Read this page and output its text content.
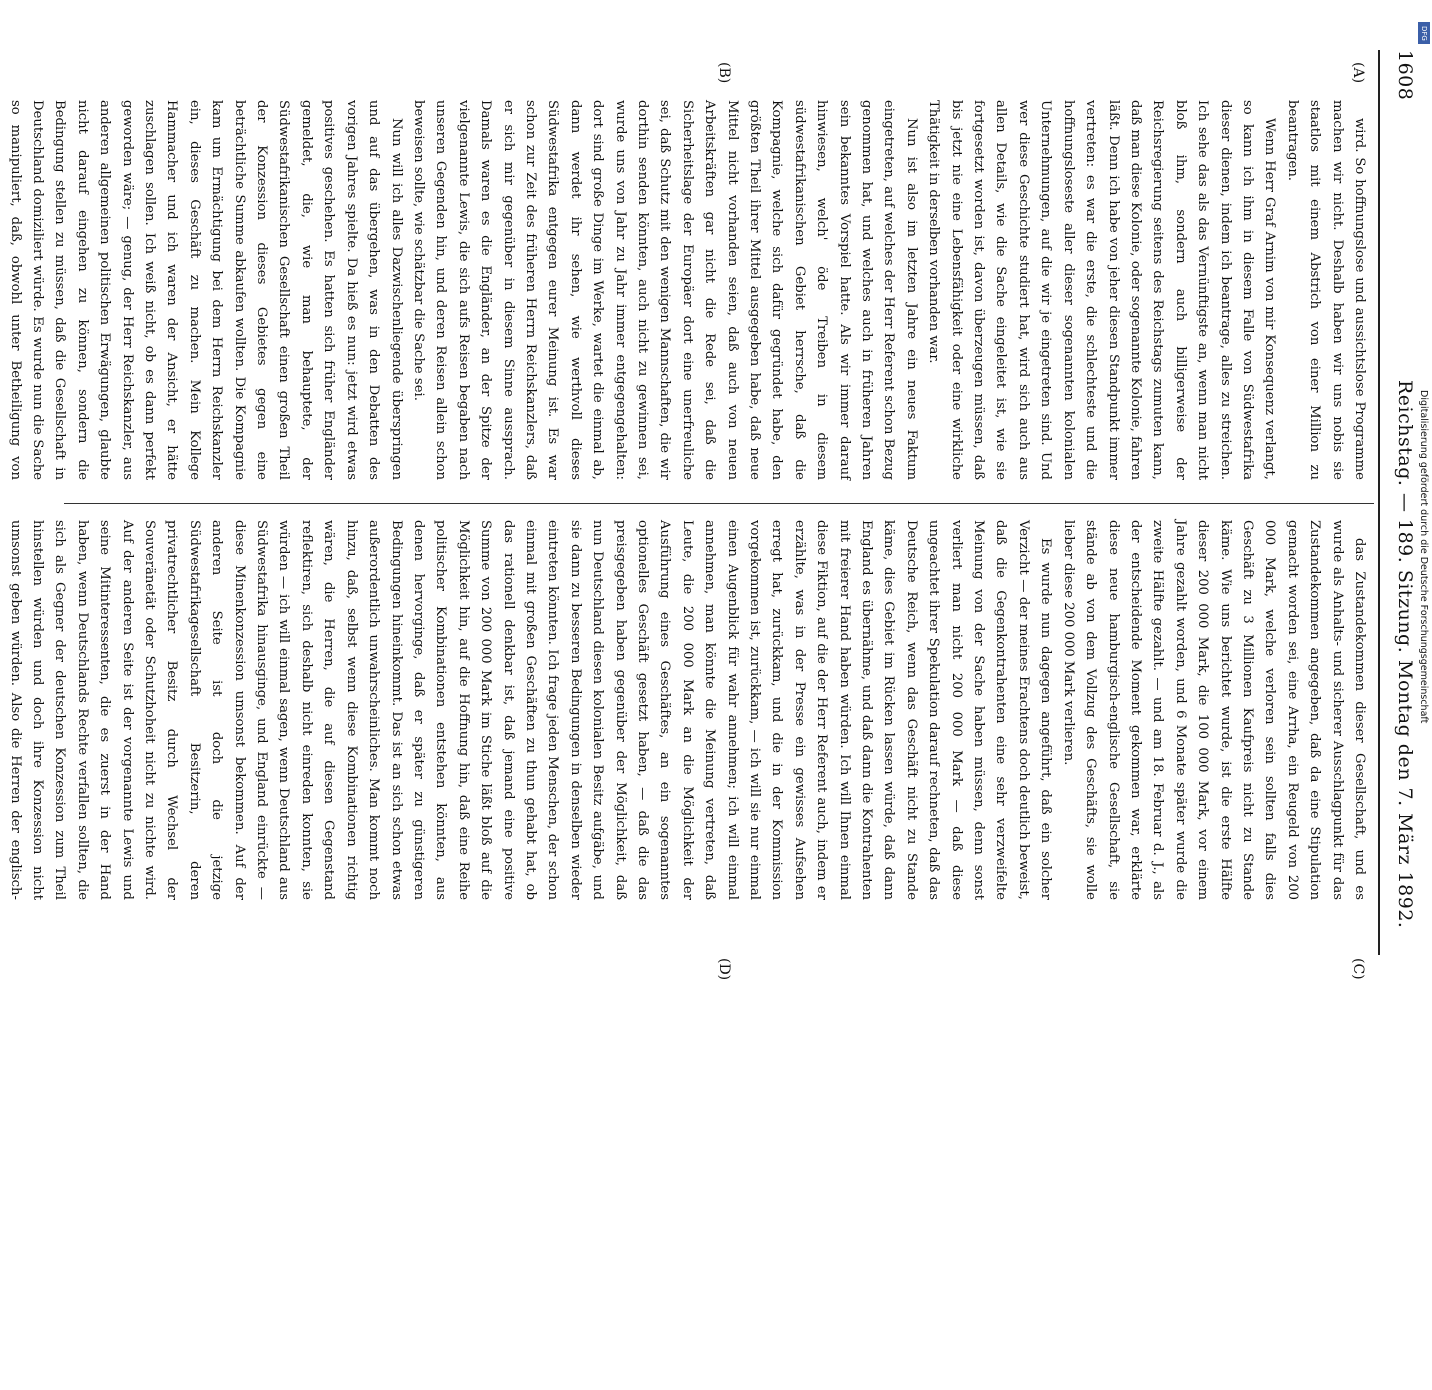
1608
Reichstag. — 189. Sitzung.
Montag den 7. März 1892.
(A)
(B)
(C)
(D)

wird. So hoffnungslose und aussichtslose Programme machen wir nicht. Deshalb haben wir uns nobis sie staatlos mit einem Abstrich von einer Million zu beantragen.

Wenn Herr Graf Arnim von mir Konsequenz verlangt, so kann ich ihm in diesem Falle von Südwestafrika dieser dienen, indem ich beantrage, alles zu streichen. Ich sehe das als das Vernünftigste an, wenn man nicht bloß ihm, sondern auch billigerweise der Reichsregierung seitens des Reichstags zumuten kann, daß man diese Kolonie, oder sogenannte Kolonie, fahren läßt. Denn ich habe von jeher diesen Standpunkt immer vertreten: es war die erste, die schlechteste und die hoffnungsloseste aller dieser sogenannten kolonialen Unternehmungen, auf die wir je eingetreten sind. Und wer diese Geschichte studiert hat, wird sich auch aus allen Details, wie die Sache eingeleitet ist, wie sie fortgesetzt worden ist, davon überzeugen müssen, daß bis jetzt nie eine Lebensfähigkeit oder eine wirkliche Thätigkeit in derselben vorhanden war.

Nun ist also im letzten Jahre ein neues Faktum eingetreten, auf welches der Herr Referent schon Bezug genommen hat, und welches auch in früheren Jahren sein bekanntes Vorspiel hatte. Als wir immer darauf hinwiesen, welch' öde Treiben in diesem südwestafrikanischen Gebiet herrsche, daß die Kompagnie, welche sich dafür gegründet habe, den größten Theil ihrer Mittel ausgegeben habe, daß neue Mittel nicht vorhanden seien, daß auch von neuen Arbeitskräften gar nicht die Rede sei, daß die Sicherheitslage der Europäer dort eine unerfreuliche sei, daß Schutz mit den wenigen Mannschaften, die wir dorthin senden könnten, auch nicht zu gewinnen sei, wurde uns von Jahr zu Jahr immer entgegengehalten: dort sind große Dinge im Werke, wartet die einmal ab, dann werdet ihr sehen, wie werthvoll dieses Südwestafrika entgegen eurer Meinung ist. Es war schon zur Zeit des früheren Herrn Reichskanzlers, daß er sich mir gegenüber in diesem Sinne aussprach. Damals waren es die Engländer, an der Spitze der vielgenannte Lewis, die sich aufs Reisen begaben nach unseren Gegenden hin, und deren Reisen allein schon beweisen sollte, wie schätzbar die Sache sei.

Nun will ich alles Dazwischenliegende überspringen und auf das übergehen, was in den Debatten des vorigen Jahres spielte. Da hieß es nun: jetzt wird etwas positives geschehen. Es hatten sich früher Engländer gemeldet, die, wie man behauptete, der Südwestafrikanischen Gesellschaft einen großen Theil der Konzession dieses Gebietes gegen eine beträchtliche Summe abkaufen wollten. Die Kompagnie kam um Ermächtigung bei dem Herrn Reichskanzler ein, dieses Geschäft zu machen. Mein Kollege Hammacher und ich waren der Ansicht, er hätte zuschlagen sollen. Ich weiß nicht, ob es dann perfekt geworden wäre; — genug, der Herr Reichskanzler, aus anderen allgemeinen politischen Erwägungen, glaubte nicht darauf eingehen zu können, sondern die Bedingung stellen zu müssen, daß die Gesellschaft in Deutschland domiziliert würde. Es wurde nun die Sache so manipuliert, daß, obwohl unter Betheiligung von

das Zustandekommen dieser Gesellschaft, und es wurde als Anhalts- und sicherer Ausschlagpunkt für das Zustandekommen angegeben, daß da eine Stipulation gemacht worden sei, eine Arrha, ein Reugeld von 200 000 Mark, welche verloren sein sollten falls dies Geschäft zu 3 Millionen Kaufpreis nicht zu Stande käme. Wie uns berichtet wurde, ist die erste Hälfte dieser 200 000 Mark, die 100 000 Mark, vor einem Jahre gezahlt worden, und 6 Monate später wurde die zweite Hälfte gezahlt. — und am 18. Februar d. J., als der entscheidende Moment gekommen war, erklärte diese neue hamburgisch-englische Gesellschaft, sie stände ab von dem Vollzug des Geschäfts, sie wolle lieber diese 200 000 Mark verlieren.

Es wurde nun dagegen angeführt, daß ein solcher Verzicht — der meines Erachtens doch deutlich beweist, daß die Gegenkontrahenten eine sehr verzweifelte Meinung von der Sache haben müssen, denn sonst verliert man nicht 200 000 Mark — daß diese ungeachtet ihrer Spekulation darauf rechneten, daß das Deutsche Reich, wenn das Geschäft nicht zu Stande käme, dies Gebiet im Rücken lassen würde, daß dann England es übernähme, und daß dann die Kontrahenten mit freierer Hand haben würden. Ich will Ihnen einmal diese Fiktion, auf die der Herr Referent auch, indem er erzählte, was in der Presse ein gewisses Aufsehen erregt hat, zurückkam, und die in der Kommission vorgekommen ist, zurückkam, — ich will sie nur einmal einen Augenblick für wahr annehmen; ich will einmal annehmen, man könnte die Meinung vertreten, daß Leute, die 200 000 Mark an die Möglichkeit der Ausführung eines Geschäftes, an ein sogenanntes optionelles Geschäft gesetzt haben, — daß die das preisgegeben haben gegenüber der Möglichkeit, daß nun Deutschland diesen kolonialen Besitz aufgäbe, und sie dann zu besseren Bedingungen in denselben wieder eintreten könnten. Ich frage jeden Menschen, der schon einmal mit großen Geschäften zu thun gehabt hat, ob das rationell denkbar ist, daß jemand eine positive Summe von 200 000 Mark im Stiche läßt bloß auf die Möglichkeit hin, auf die Hoffnung hin, daß eine Reihe politischer Kombinationen entstehen könnten, aus denen hervorginge, daß er später zu günstigeren Bedingungen hineinkommt. Das ist an sich schon etwas außerordentlich unwahrscheinliches. Man kommt noch hinzu, daß, selbst wenn diese Kombinationen richtig wären, die Herren, die auf diesen Gegenstand reflektiren, sich deshalb nicht einreden konnten, sie würden — ich will einmal sagen, wenn Deutschland aus Südwestafrika hinausginge, und England einrückte — diese Minenkonzession umsonst bekommen. Auf der anderen Seite ist doch die jetzige Südwestafrikagesellschaft Besitzerin, deren privatrechtlicher Besitz durch Wechsel der Souveränetät oder Schutzhoheit nicht zu nichte wird. Auf der anderen Seite ist der vorgenannte Lewis und seine Mitinteressenten, die es zuerst in der Hand haben, wenn Deutschlands Rechte verfallen sollten, die sich als Gegner der deutschen Konzession zum Theil hinstellen würden und doch ihre Konzession nicht umsonst geben würden. Also die Herren der englisch-

Digitalisierung gefördert durch die Deutsche Forschungsgemeinschaft
DFG
